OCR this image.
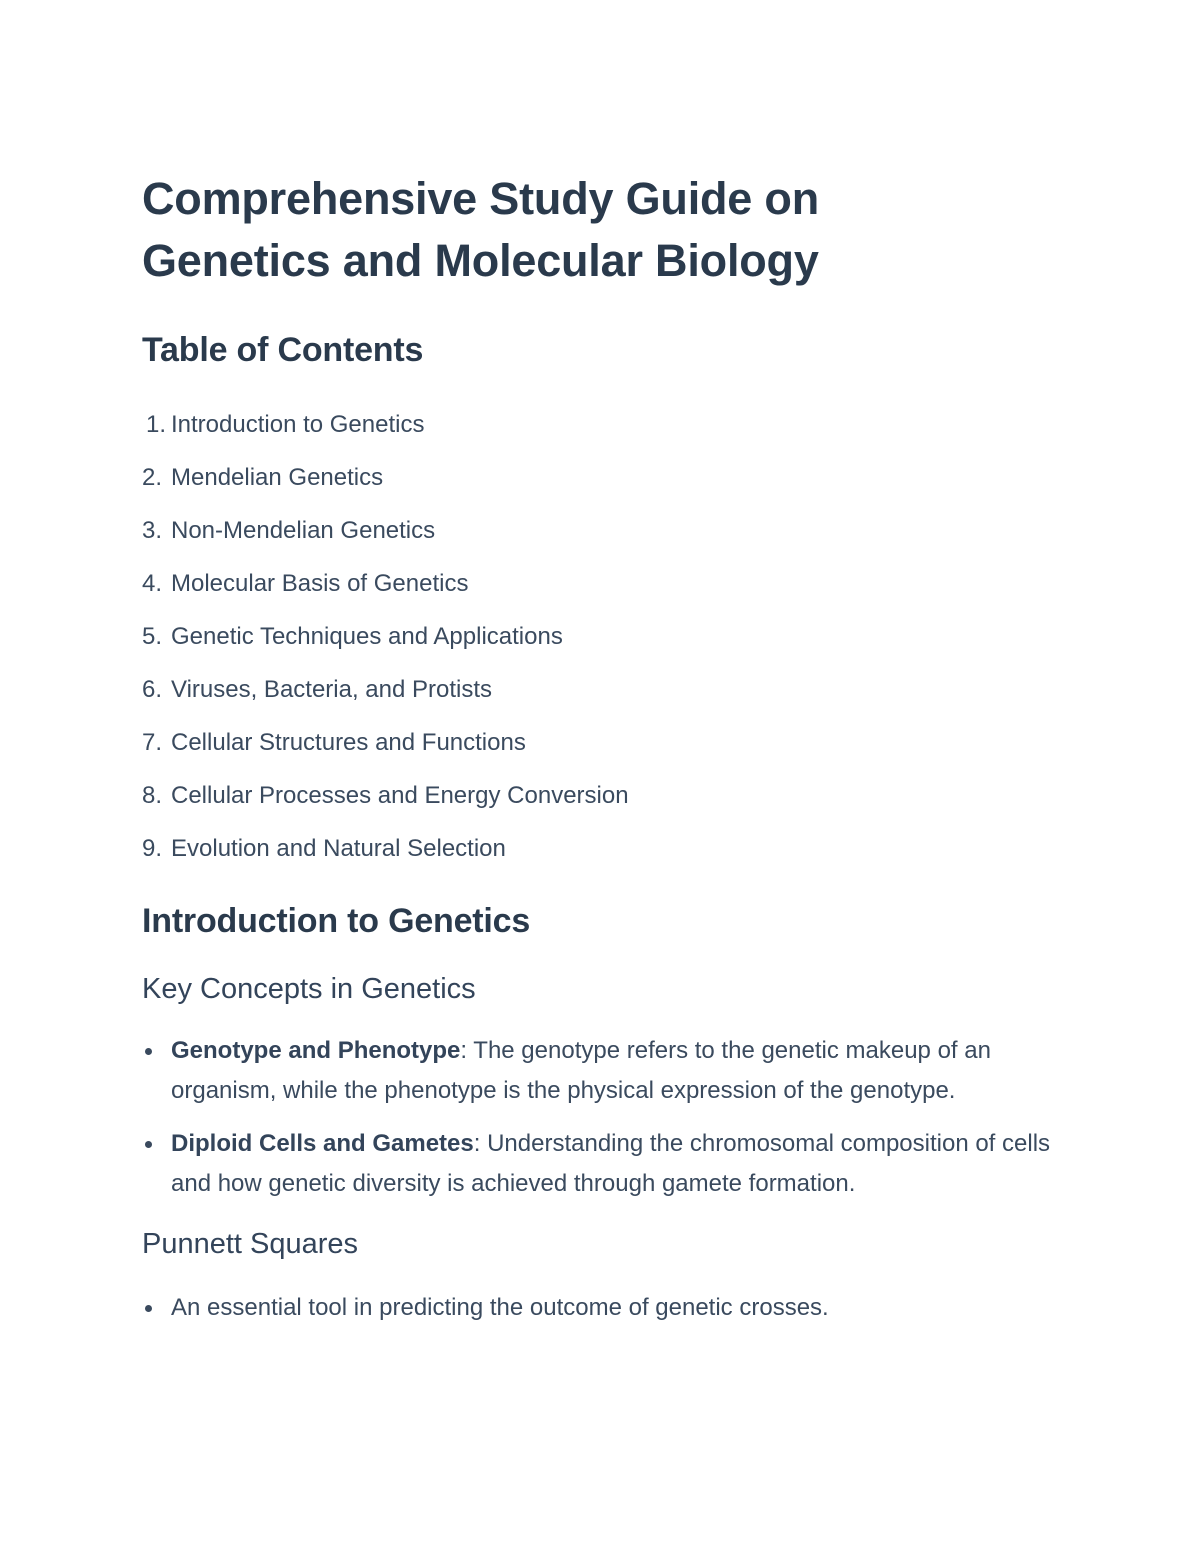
Comprehensive Study Guide on
Genetics and Molecular Biology
Table of Contents
1. Introduction to Genetics
2. Mendelian Genetics
3. Non-Mendelian Genetics
4. Molecular Basis of Genetics
5. Genetic Techniques and Applications
6. Viruses, Bacteria, and Protists
7. Cellular Structures and Functions
8. Cellular Processes and Energy Conversion
9. Evolution and Natural Selection
Introduction to Genetics
Key Concepts in Genetics
Genotype and Phenotype: The genotype refers to the genetic makeup of an organism, while the phenotype is the physical expression of the genotype.
Diploid Cells and Gametes: Understanding the chromosomal composition of cells and how genetic diversity is achieved through gamete formation.
Punnett Squares
An essential tool in predicting the outcome of genetic crosses.
